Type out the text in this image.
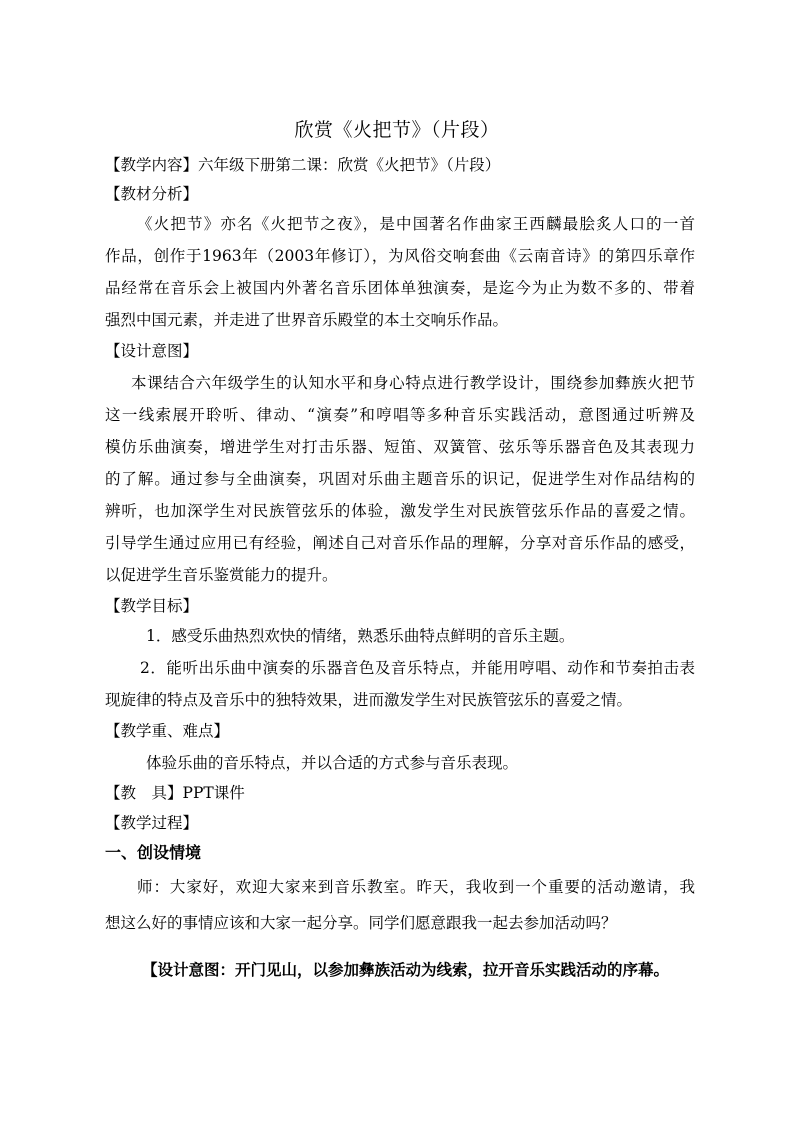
欣赏《火把节》（片段）
【教学内容】六年级下册第二课：欣赏《火把节》（片段）
【教材分析】
《火把节》亦名《火把节之夜》，是中国著名作曲家王西麟最脍炙人口的一首
作品，创作于1963年（2003年修订），为风俗交响套曲《云南音诗》的第四乐章作
品经常在音乐会上被国内外著名音乐团体单独演奏，是迄今为止为数不多的、带着
强烈中国元素，并走进了世界音乐殿堂的本土交响乐作品。
【设计意图】
本课结合六年级学生的认知水平和身心特点进行教学设计，围绕参加彝族火把节
这一线索展开聆听、律动、“演奏”和哼唱等多种音乐实践活动，意图通过听辨及
模仿乐曲演奏，增进学生对打击乐器、短笛、双簧管、弦乐等乐器音色及其表现力
的了解。通过参与全曲演奏，巩固对乐曲主题音乐的识记，促进学生对作品结构的
辨听，也加深学生对民族管弦乐的体验，激发学生对民族管弦乐作品的喜爱之情。
引导学生通过应用已有经验，阐述自己对音乐作品的理解，分享对音乐作品的感受，
以促进学生音乐鉴赏能力的提升。
【教学目标】
1．感受乐曲热烈欢快的情绪，熟悉乐曲特点鲜明的音乐主题。
2．能听出乐曲中演奏的乐器音色及音乐特点，并能用哼唱、动作和节奏拍击表
现旋律的特点及音乐中的独特效果，进而激发学生对民族管弦乐的喜爱之情。
【教学重、难点】
体验乐曲的音乐特点，并以合适的方式参与音乐表现。
【教　具】PPT课件
【教学过程】
一、创设情境
师：大家好，欢迎大家来到音乐教室。昨天，我收到一个重要的活动邀请，我
想这么好的事情应该和大家一起分享。同学们愿意跟我一起去参加活动吗？
【设计意图：开门见山，以参加彝族活动为线索，拉开音乐实践活动的序幕。
